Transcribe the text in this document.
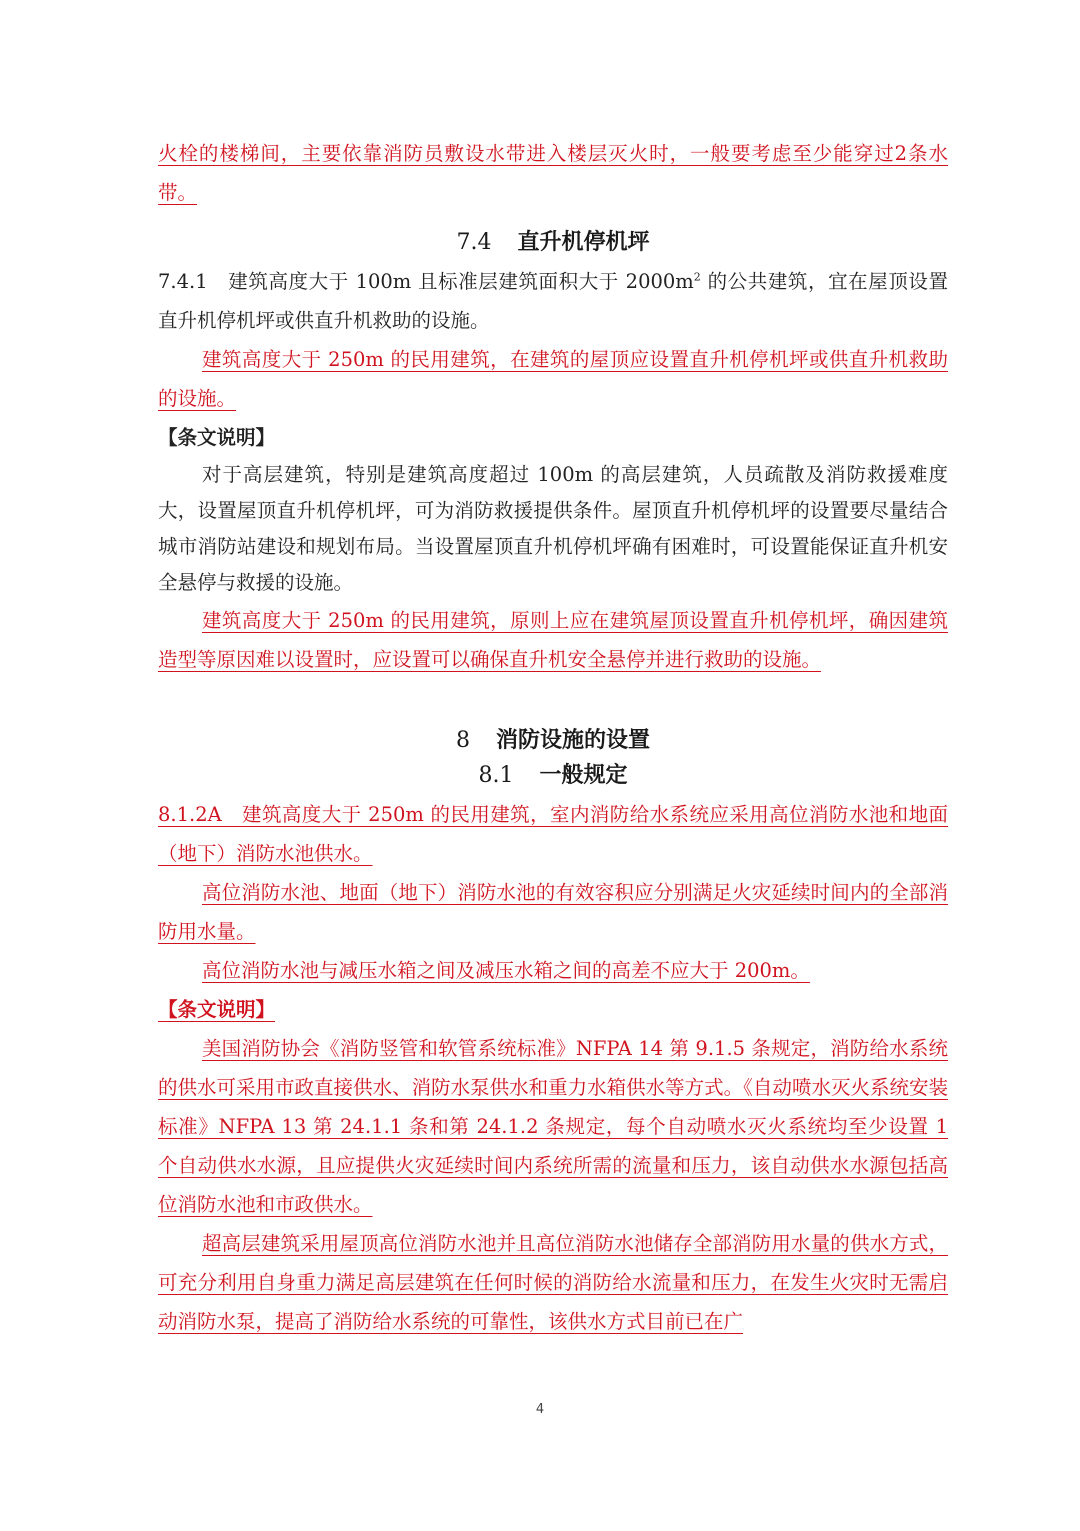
火栓的楼梯间，主要依靠消防员敷设水带进入楼层灭火时，一般要考虑至少能穿过2条水带。

7.4 直升机停机坪

7.4.1　建筑高度大于 100m 且标准层建筑面积大于 $2000m^2$ 的公共建筑，宜在屋顶设置直升机停机坪或供直升机救助的设施。

建筑高度大于 250m 的民用建筑，在建筑的屋顶应设置直升机停机坪或供直升机救助的设施。

【条文说明】

对于高层建筑，特别是建筑高度超过 100m 的高层建筑，人员疏散及消防救援难度大，设置屋顶直升机停机坪，可为消防救援提供条件。屋顶直升机停机坪的设置要尽量结合城市消防站建设和规划布局。当设置屋顶直升机停机坪确有困难时，可设置能保证直升机安全悬停与救援的设施。

建筑高度大于 250m 的民用建筑，原则上应在建筑屋顶设置直升机停机坪，确因建筑造型等原因难以设置时，应设置可以确保直升机安全悬停并进行救助的设施。

8 消防设施的设置
8.1 一般规定

8.1.2A　建筑高度大于 250m 的民用建筑，室内消防给水系统应采用高位消防水池和地面（地下）消防水池供水。

高位消防水池、地面（地下）消防水池的有效容积应分别满足火灾延续时间内的全部消防用水量。

高位消防水池与减压水箱之间及减压水箱之间的高差不应大于 200m。

【条文说明】

美国消防协会《消防竖管和软管系统标准》NFPA 14 第 9.1.5 条规定，消防给水系统的供水可采用市政直接供水、消防水泵供水和重力水箱供水等方式。《自动喷水灭火系统安装标准》NFPA 13 第 24.1.1 条和第 24.1.2 条规定，每个自动喷水灭火系统均至少设置 1 个自动供水水源，且应提供火灾延续时间内系统所需的流量和压力，该自动供水水源包括高位消防水池和市政供水。

超高层建筑采用屋顶高位消防水池并且高位消防水池储存全部消防用水量的供水方式，可充分利用自身重力满足高层建筑在任何时候的消防给水流量和压力，在发生火灾时无需启动消防水泵，提高了消防给水系统的可靠性，该供水方式目前已在广

4
